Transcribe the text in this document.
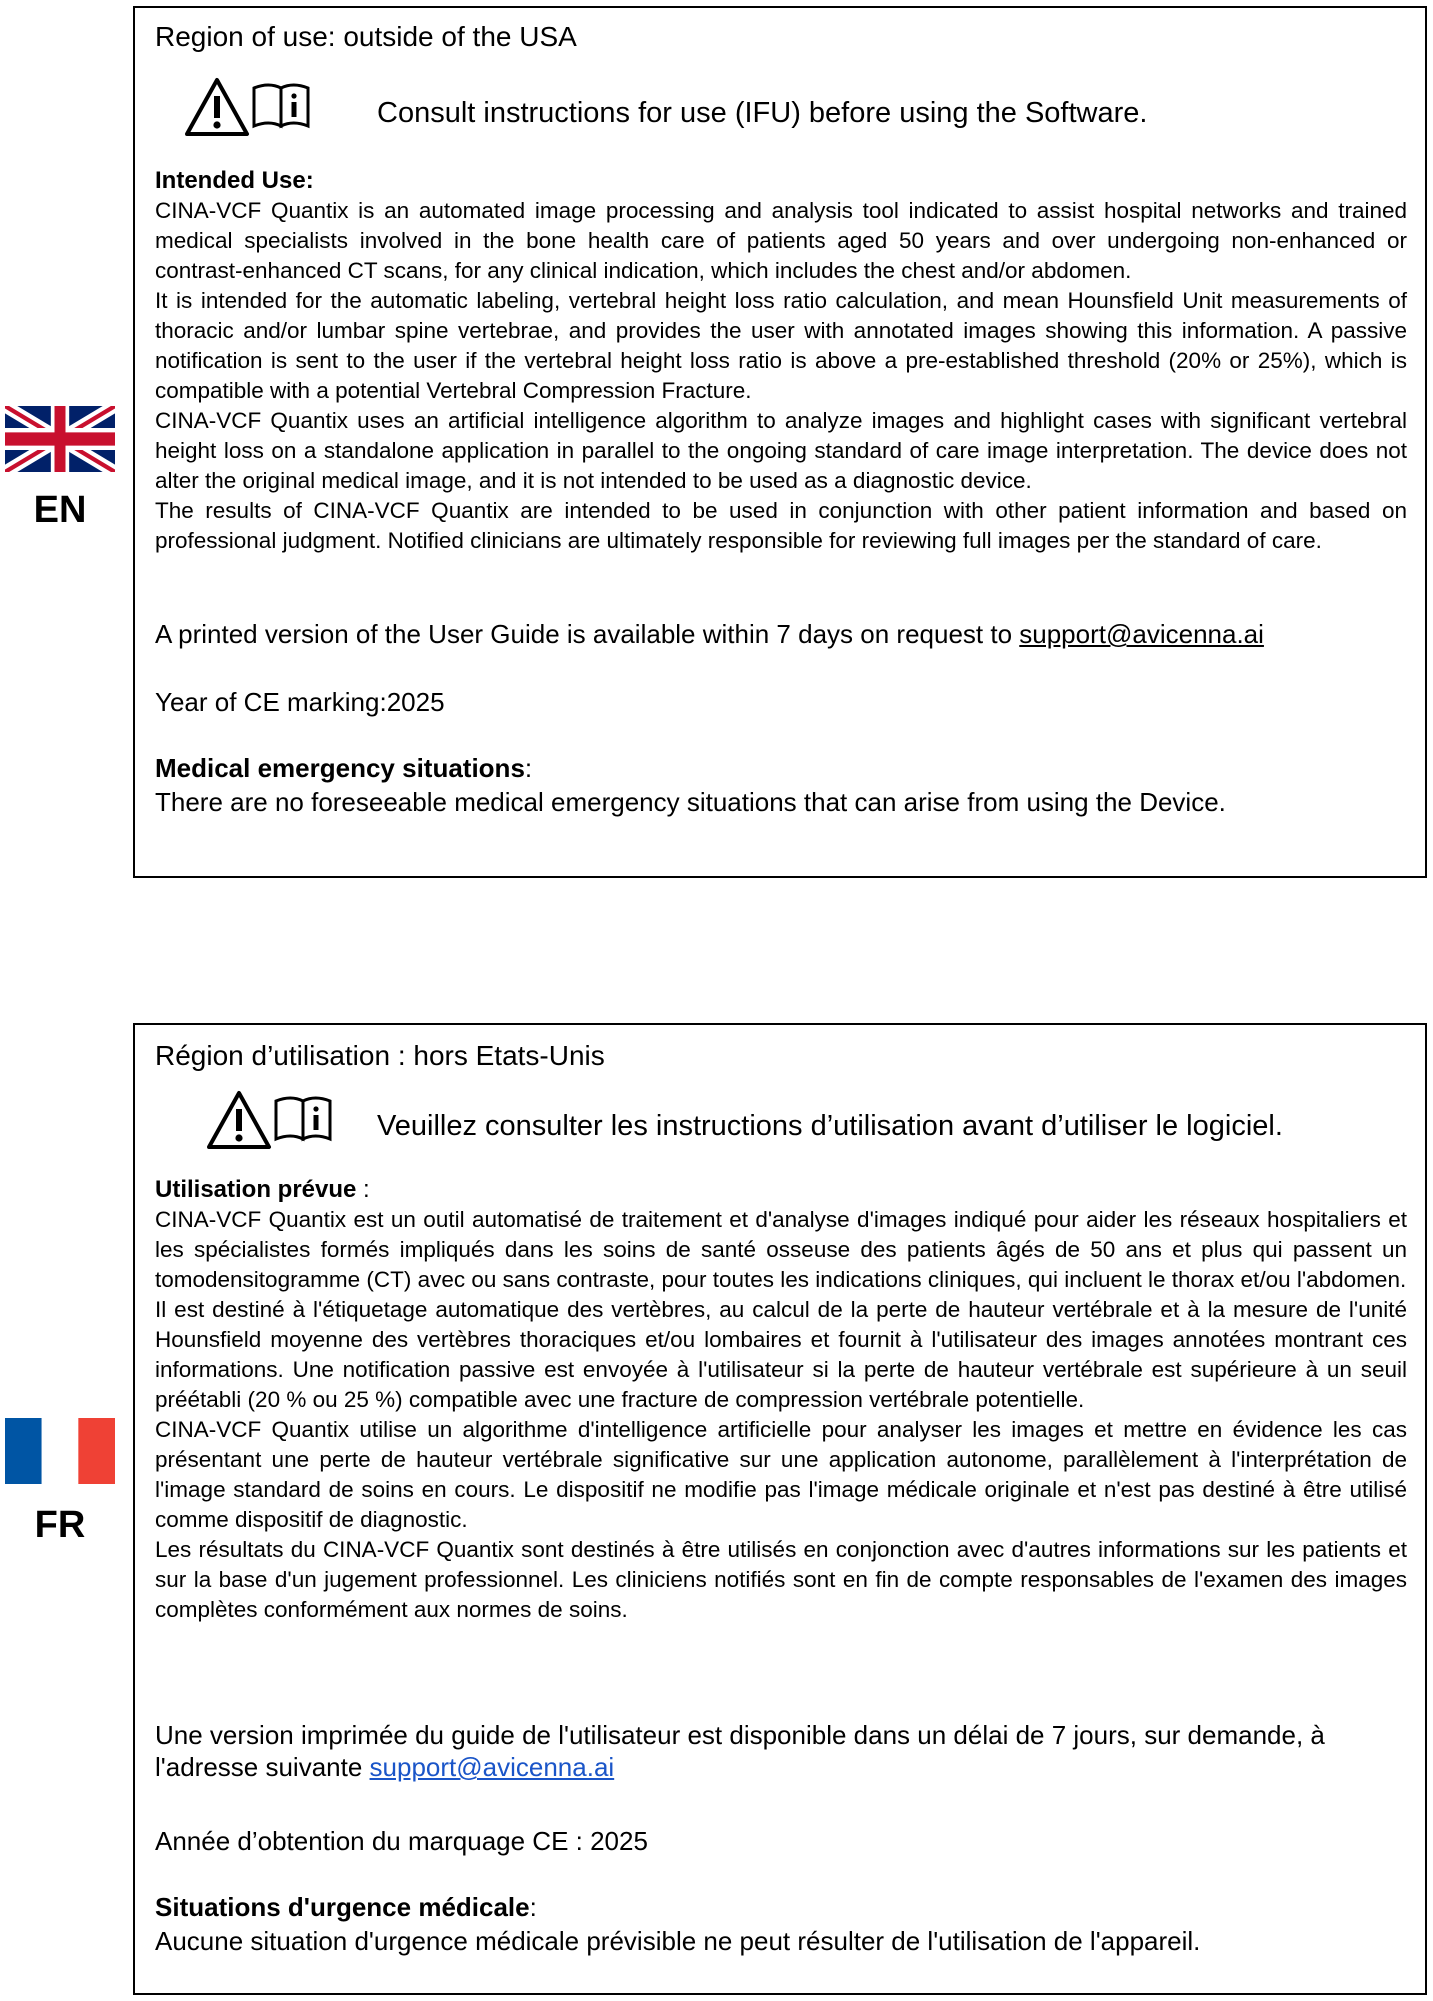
EN
Region of use: outside of the USA
Consult instructions for use (IFU) before using the Software.
Intended Use:

CINA-VCF Quantix is an automated image processing and analysis tool indicated to assist hospital networks and trained medical specialists involved in the bone health care of patients aged 50 years and over undergoing non-enhanced or contrast-enhanced CT scans, for any clinical indication, which includes the chest and/or abdomen.

It is intended for the automatic labeling, vertebral height loss ratio calculation, and mean Hounsfield Unit measurements of thoracic and/or lumbar spine vertebrae, and provides the user with annotated images showing this information. A passive notification is sent to the user if the vertebral height loss ratio is above a pre-established threshold (20% or 25%), which is compatible with a potential Vertebral Compression Fracture.

CINA-VCF Quantix uses an artificial intelligence algorithm to analyze images and highlight cases with significant vertebral height loss on a standalone application in parallel to the ongoing standard of care image interpretation. The device does not alter the original medical image, and it is not intended to be used as a diagnostic device.

The results of CINA-VCF Quantix are intended to be used in conjunction with other patient information and based on professional judgment. Notified clinicians are ultimately responsible for reviewing full images per the standard of care.

A printed version of the User Guide is available within 7 days on request to support@avicenna.ai
Year of CE marking:2025
Medical emergency situations:
There are no foreseeable medical emergency situations that can arise from using the Device.
FR
Région d’utilisation : hors Etats-Unis
Veuillez consulter les instructions d’utilisation avant d’utiliser le logiciel.
Utilisation prévue :

CINA-VCF Quantix est un outil automatisé de traitement et d'analyse d'images indiqué pour aider les réseaux hospitaliers et les spécialistes formés impliqués dans les soins de santé osseuse des patients âgés de 50 ans et plus qui passent un tomodensitogramme (CT) avec ou sans contraste, pour toutes les indications cliniques, qui incluent le thorax et/ou l'abdomen.

Il est destiné à l'étiquetage automatique des vertèbres, au calcul de la perte de hauteur vertébrale et à la mesure de l'unité Hounsfield moyenne des vertèbres thoraciques et/ou lombaires et fournit à l'utilisateur des images annotées montrant ces informations. Une notification passive est envoyée à l'utilisateur si la perte de hauteur vertébrale est supérieure à un seuil préétabli (20 % ou 25 %) compatible avec une fracture de compression vertébrale potentielle.

CINA-VCF Quantix utilise un algorithme d'intelligence artificielle pour analyser les images et mettre en évidence les cas présentant une perte de hauteur vertébrale significative sur une application autonome, parallèlement à l'interprétation de l'image standard de soins en cours. Le dispositif ne modifie pas l'image médicale originale et n'est pas destiné à être utilisé comme dispositif de diagnostic.

Les résultats du CINA-VCF Quantix sont destinés à être utilisés en conjonction avec d'autres informations sur les patients et sur la base d'un jugement professionnel. Les cliniciens notifiés sont en fin de compte responsables de l'examen des images complètes conformément aux normes de soins.

Une version imprimée du guide de l'utilisateur est disponible dans un délai de 7 jours, sur demande, à l'adresse suivante support@avicenna.ai

Année d’obtention du marquage CE : 2025
Situations d'urgence médicale:
Aucune situation d'urgence médicale prévisible ne peut résulter de l'utilisation de l'appareil.
